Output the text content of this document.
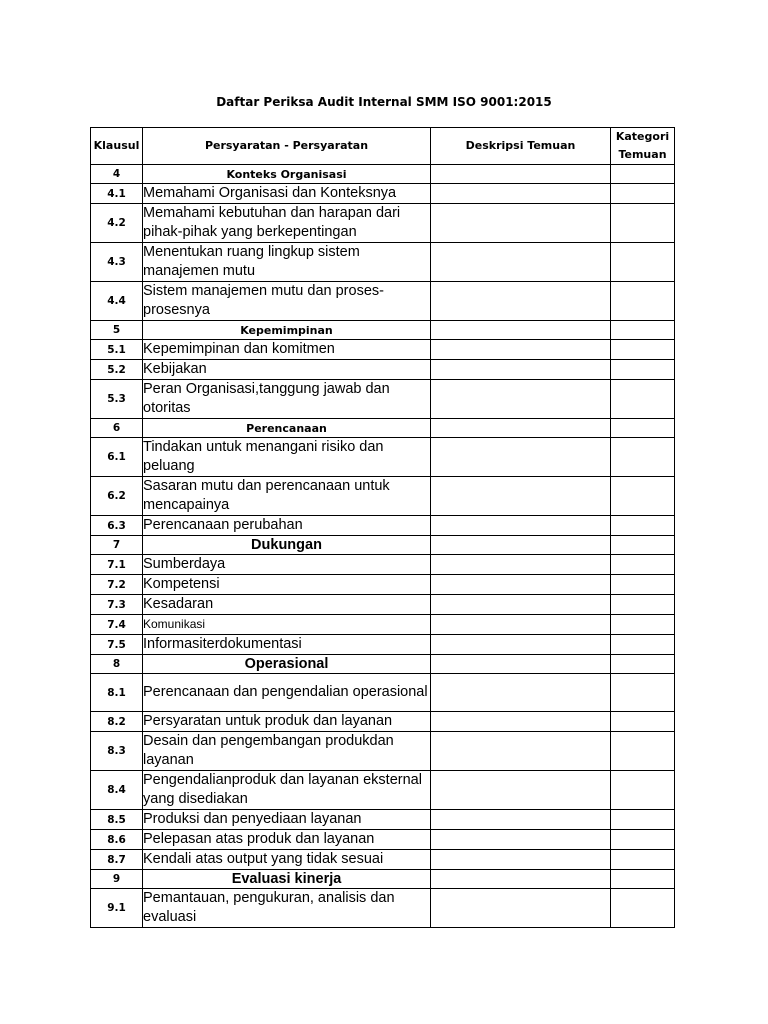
Daftar Periksa Audit Internal SMM ISO 9001:2015
Klausul	Persyaratan - Persyaratan	Deskripsi Temuan	Kategori Temuan
4	Konteks Organisasi		
4.1	Memahami Organisasi dan Konteksnya		
4.2	Memahami kebutuhan dan harapan dari pihak-pihak yang berkepentingan		
4.3	Menentukan ruang lingkup sistem manajemen mutu		
4.4	Sistem manajemen mutu dan proses-prosesnya		
5	Kepemimpinan		
5.1	Kepemimpinan dan komitmen		
5.2	Kebijakan		
5.3	Peran Organisasi,tanggung jawab dan otoritas		
6	Perencanaan		
6.1	Tindakan untuk menangani risiko dan peluang		
6.2	Sasaran mutu dan perencanaan untuk mencapainya		
6.3	Perencanaan perubahan		
7	Dukungan		
7.1	Sumberdaya		
7.2	Kompetensi		
7.3	Kesadaran		
7.4	Komunikasi		
7.5	Informasiterdokumentasi		
8	Operasional		
8.1	Perencanaan dan pengendalian operasional		
8.2	Persyaratan untuk produk dan layanan		
8.3	Desain dan pengembangan produkdan layanan		
8.4	Pengendalianproduk dan layanan eksternal yang disediakan		
8.5	Produksi dan penyediaan layanan		
8.6	Pelepasan atas produk dan layanan		
8.7	Kendali atas output yang tidak sesuai		
9	Evaluasi kinerja		
9.1	Pemantauan, pengukuran, analisis dan evaluasi		
